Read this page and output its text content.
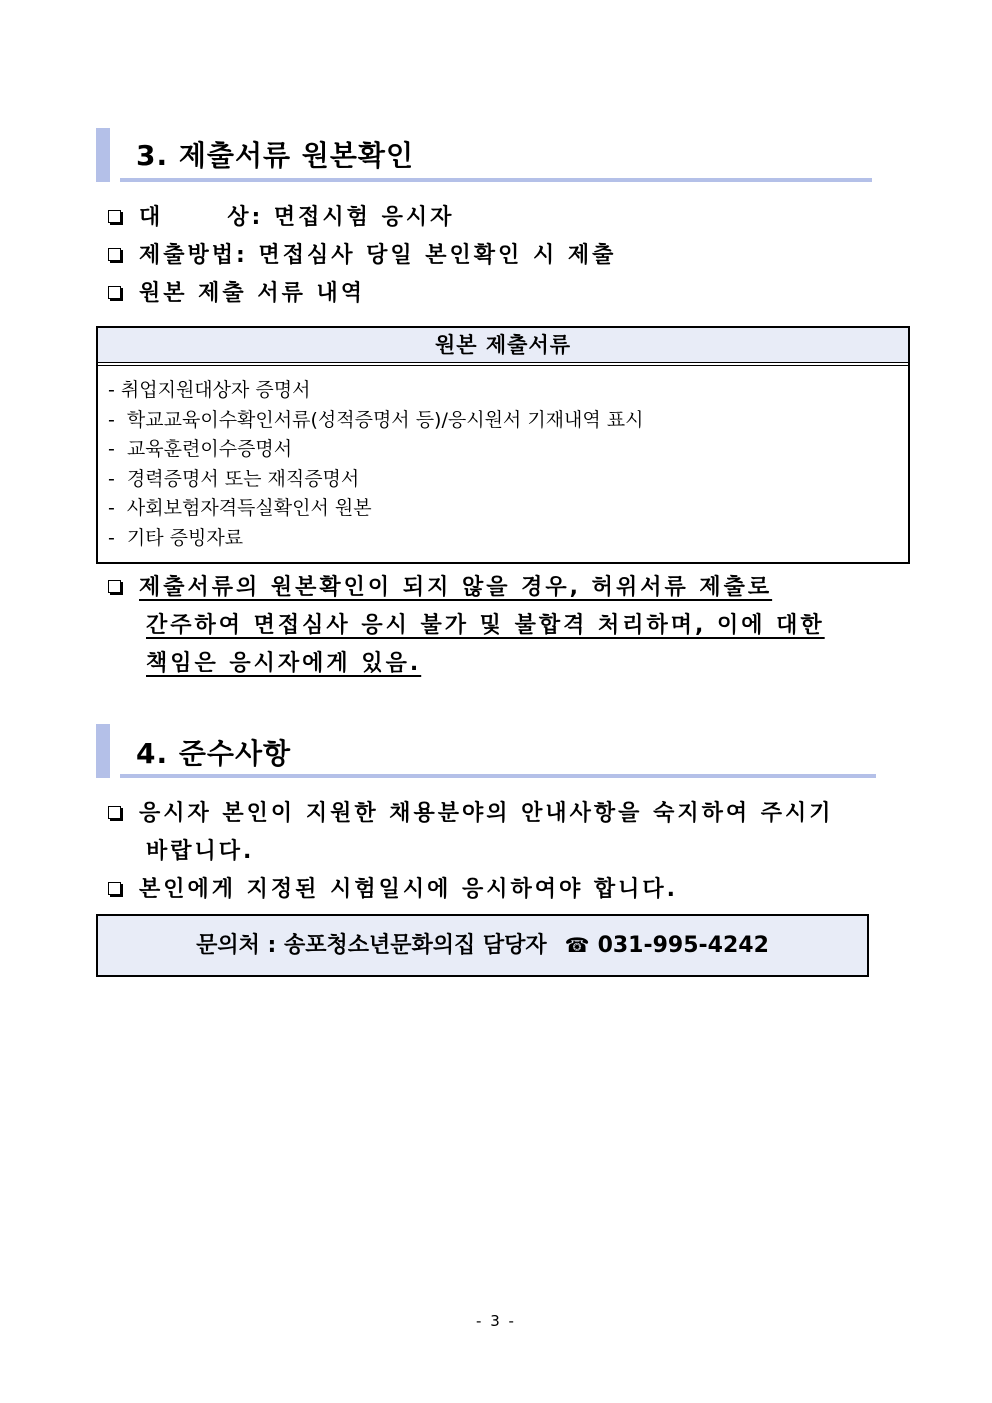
3. 제출서류 원본확인
대      상: 면접시험 응시자
제출방법: 면접심사 당일 본인확인 시 제출
원본 제출 서류 내역
원본 제출서류
- 취업지원대상자 증명서
-  학교교육이수확인서류(성적증명서 등)/응시원서 기재내역 표시
-  교육훈련이수증명서
-  경력증명서 또는 재직증명서
-  사회보험자격득실확인서 원본
-  기타 증빙자료
제출서류의 원본확인이 되지 않을 경우, 허위서류 제출로
간주하여 면접심사 응시 불가 및 불합격 처리하며, 이에 대한
책임은 응시자에게 있음.
4. 준수사항
응시자 본인이 지원한 채용분야의 안내사항을 숙지하여 주시기
바랍니다.
본인에게 지정된 시험일시에 응시하여야 합니다.
문의처 : 송포청소년문화의집 담당자 ☎ 031-995-4242
- 3 -
